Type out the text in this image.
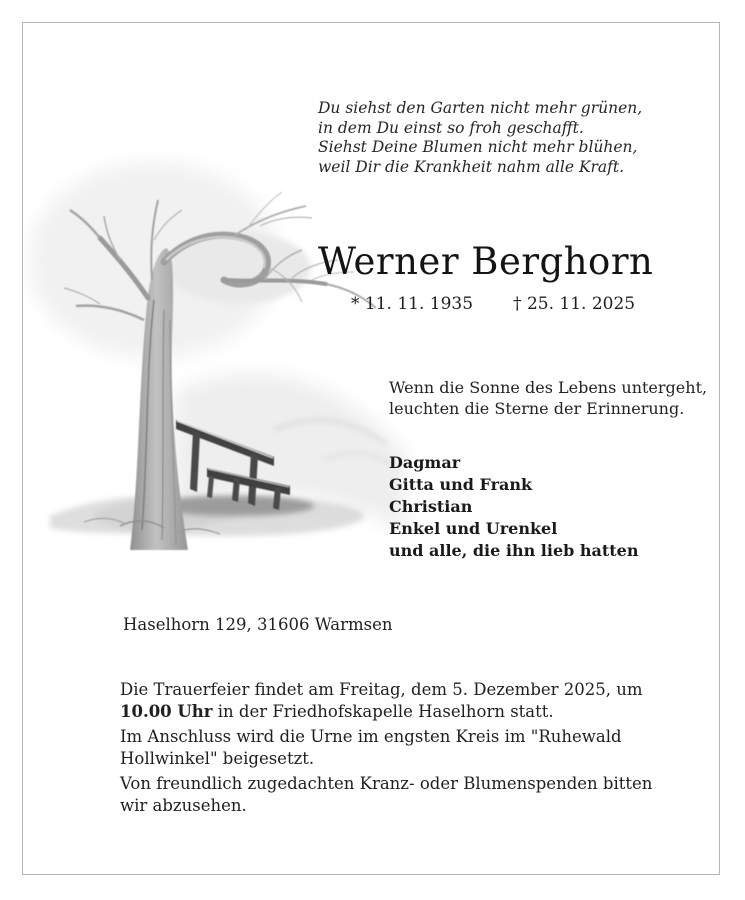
Du siehst den Garten nicht mehr grünen,
in dem Du einst so froh geschafft.
Siehst Deine Blumen nicht mehr blühen,
weil Dir die Krankheit nahm alle Kraft.
Werner Berghorn
* 11. 11. 1935 † 25. 11. 2025
Wenn die Sonne des Lebens untergeht,
leuchten die Sterne der Erinnerung.
Dagmar
Gitta und Frank
Christian
Enkel und Urenkel
und alle, die ihn lieb hatten
Haselhorn 129, 31606 Warmsen

Die Trauerfeier findet am Freitag, dem 5. Dezember 2025, um 10.00 Uhr in der Friedhofskapelle Haselhorn statt.

Im Anschluss wird die Urne im engsten Kreis im "Ruhewald Hollwinkel" beigesetzt.

Von freundlich zugedachten Kranz- oder Blumenspenden bitten wir abzusehen.
